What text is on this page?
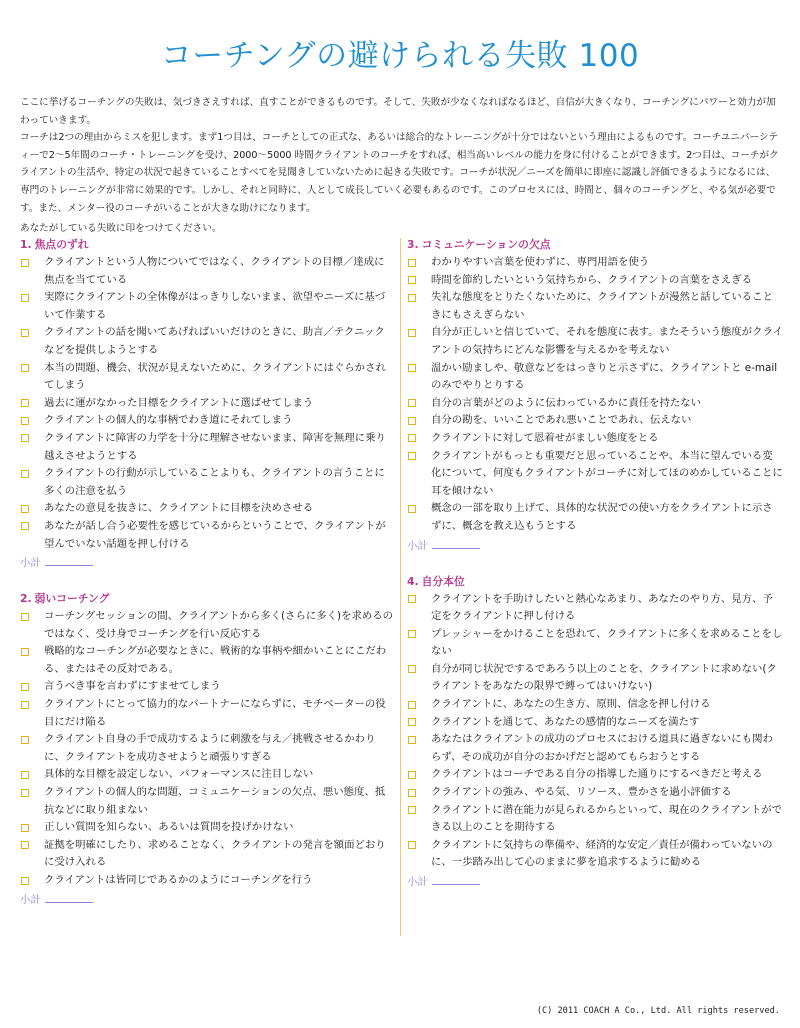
コーチングの避けられる失敗 100

ここに挙げるコーチングの失敗は、気づきさえすれば、直すことができるものです。そして、失敗が少なくなればなるほど、自信が大きくなり、コーチングにパワーと効力が加わっていきます。

コーチは2つの理由からミスを犯します。まず1つ目は、コーチとしての正式な、あるいは総合的なトレーニングが十分ではないという理由によるものです。コーチユニバーシティーで2～5年間のコーチ・トレーニングを受け、2000～5000 時間クライアントのコーチをすれば、相当高いレベルの能力を身に付けることができます。2つ目は、コーチがクライアントの生活や、特定の状況で起きていることすべてを見聞きしていないために起きる失敗です。コーチが状況／ニーズを簡単に即座に認識し評価できるようになるには、専門のトレーニングが非常に効果的です。しかし、それと同時に、人として成長していく必要もあるのです。このプロセスには、時間と、個々のコーチングと、やる気が必要です。また、メンター役のコーチがいることが大きな助けになります。

あなたがしている失敗に印をつけてください。
1. 焦点のずれ
クライアントという人物についてではなく、クライアントの目標／達成に焦点を当てている
実際にクライアントの全体像がはっきりしないまま、欲望やニーズに基づいて作業する
クライアントの話を聞いてあげればいいだけのときに、助言／テクニックなどを提供しようとする
本当の問題、機会、状況が見えないために、クライアントにはぐらかされてしまう
過去に運がなかった目標をクライアントに選ばせてしまう
クライアントの個人的な事柄でわき道にそれてしまう
クライアントに障害の力学を十分に理解させないまま、障害を無理に乗り越えさせようとする
クライアントの行動が示していることよりも、クライアントの言うことに多くの注意を払う
あなたの意見を抜きに、クライアントに目標を決めさせる
あなたが話し合う必要性を感じているからということで、クライアントが望んでいない話題を押し付ける
小計
2. 弱いコーチング
コーチングセッションの間、クライアントから多く(さらに多く)を求めるのではなく、受け身でコーチングを行い反応する
戦略的なコーチングが必要なときに、戦術的な事柄や細かいことにこだわる、またはその反対である。
言うべき事を言わずにすませてしまう
クライアントにとって協力的なパートナーにならずに、モチベーターの役目にだけ陥る
クライアント自身の手で成功するように刺激を与え／挑戦させるかわりに、クライアントを成功させようと頑張りすぎる
具体的な目標を設定しない、パフォーマンスに注目しない
クライアントの個人的な問題、コミュニケーションの欠点、悪い態度、抵抗などに取り組まない
正しい質問を知らない、あるいは質問を投げかけない
証拠を明確にしたり、求めることなく、クライアントの発言を額面どおりに受け入れる
クライアントは皆同じであるかのようにコーチングを行う
小計
3. コミュニケーションの欠点
わかりやすい言葉を使わずに、専門用語を使う
時間を節約したいという気持ちから、クライアントの言葉をさえぎる
失礼な態度をとりたくないために、クライアントが漫然と話していることきにもさえぎらない
自分が正しいと信じていて、それを態度に表す。またそういう態度がクライアントの気持ちにどんな影響を与えるかを考えない
温かい励ましや、敬意などをはっきりと示さずに、クライアントと e-mail のみでやりとりする
自分の言葉がどのように伝わっているかに責任を持たない
自分の勘を、いいことであれ悪いことであれ、伝えない
クライアントに対して恩着せがましい態度をとる
クライアントがもっとも重要だと思っていることや、本当に望んでいる変化について、何度もクライアントがコーチに対してほのめかしていることに耳を傾けない
概念の一部を取り上げて、具体的な状況での使い方をクライアントに示さずに、概念を教え込もうとする
小計
4. 自分本位
クライアントを手助けしたいと熱心なあまり、あなたのやり方、見方、予定をクライアントに押し付ける
プレッシャーをかけることを恐れて、クライアントに多くを求めることをしない
自分が同じ状況でするであろう以上のことを、クライアントに求めない(クライアントをあなたの限界で縛ってはいけない)
クライアントに、あなたの生き方、原則、信念を押し付ける
クライアントを通じて、あなたの感情的なニーズを満たす
あなたはクライアントの成功のプロセスにおける道具に過ぎないにも関わらず、その成功が自分のおかげだと認めてもらおうとする
クライアントはコーチである自分の指導した通りにするべきだと考える
クライアントの強み、やる気、リソース、豊かさを過小評価する
クライアントに潜在能力が見られるからといって、現在のクライアントができる以上のことを期待する
クライアントに気持ちの準備や、経済的な安定／責任が備わっていないのに、一歩踏み出して心のままに夢を追求するように勧める
小計
(C) 2011 COACH A Co., Ltd. All rights reserved.
